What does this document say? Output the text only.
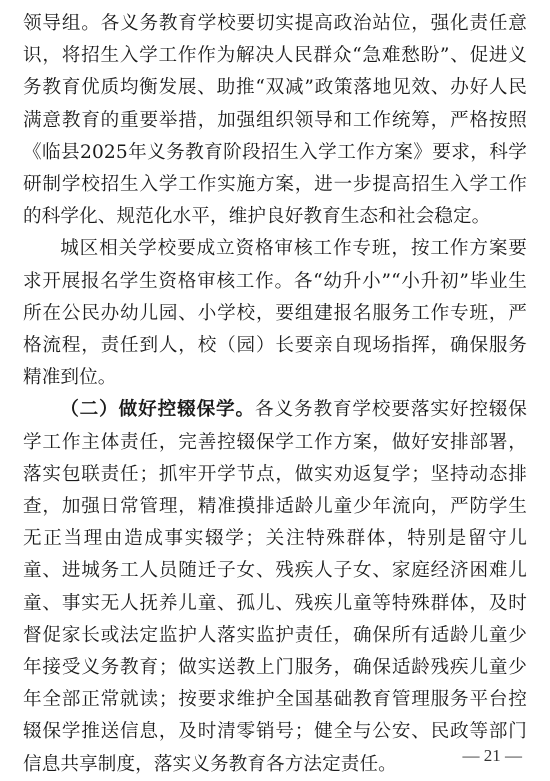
领导组。各义务教育学校要切实提高政治站位，强化责任意识，将招生入学工作作为解决人民群众“急难愁盼”、促进义务教育优质均衡发展、助推“双减”政策落地见效、办好人民满意教育的重要举措，加强组织领导和工作统筹，严格按照《临县2025年义务教育阶段招生入学工作方案》要求，科学研制学校招生入学工作实施方案，进一步提高招生入学工作的科学化、规范化水平，维护良好教育生态和社会稳定。

城区相关学校要成立资格审核工作专班，按工作方案要求开展报名学生资格审核工作。各“幼升小”“小升初”毕业生所在公民办幼儿园、小学校，要组建报名服务工作专班，严格流程，责任到人，校（园）长要亲自现场指挥，确保服务精准到位。

（二）做好控辍保学。各义务教育学校要落实好控辍保学工作主体责任，完善控辍保学工作方案，做好安排部署，落实包联责任；抓牢开学节点，做实劝返复学；坚持动态排查，加强日常管理，精准摸排适龄儿童少年流向，严防学生无正当理由造成事实辍学；关注特殊群体，特别是留守儿童、进城务工人员随迁子女、残疾人子女、家庭经济困难儿童、事实无人抚养儿童、孤儿、残疾儿童等特殊群体，及时督促家长或法定监护人落实监护责任，确保所有适龄儿童少年接受义务教育；做实送教上门服务，确保适龄残疾儿童少年全部正常就读；按要求维护全国基础教育管理服务平台控辍保学推送信息，及时清零销号；健全与公安、民政等部门信息共享制度，落实义务教育各方法定责任。	— 21 —
